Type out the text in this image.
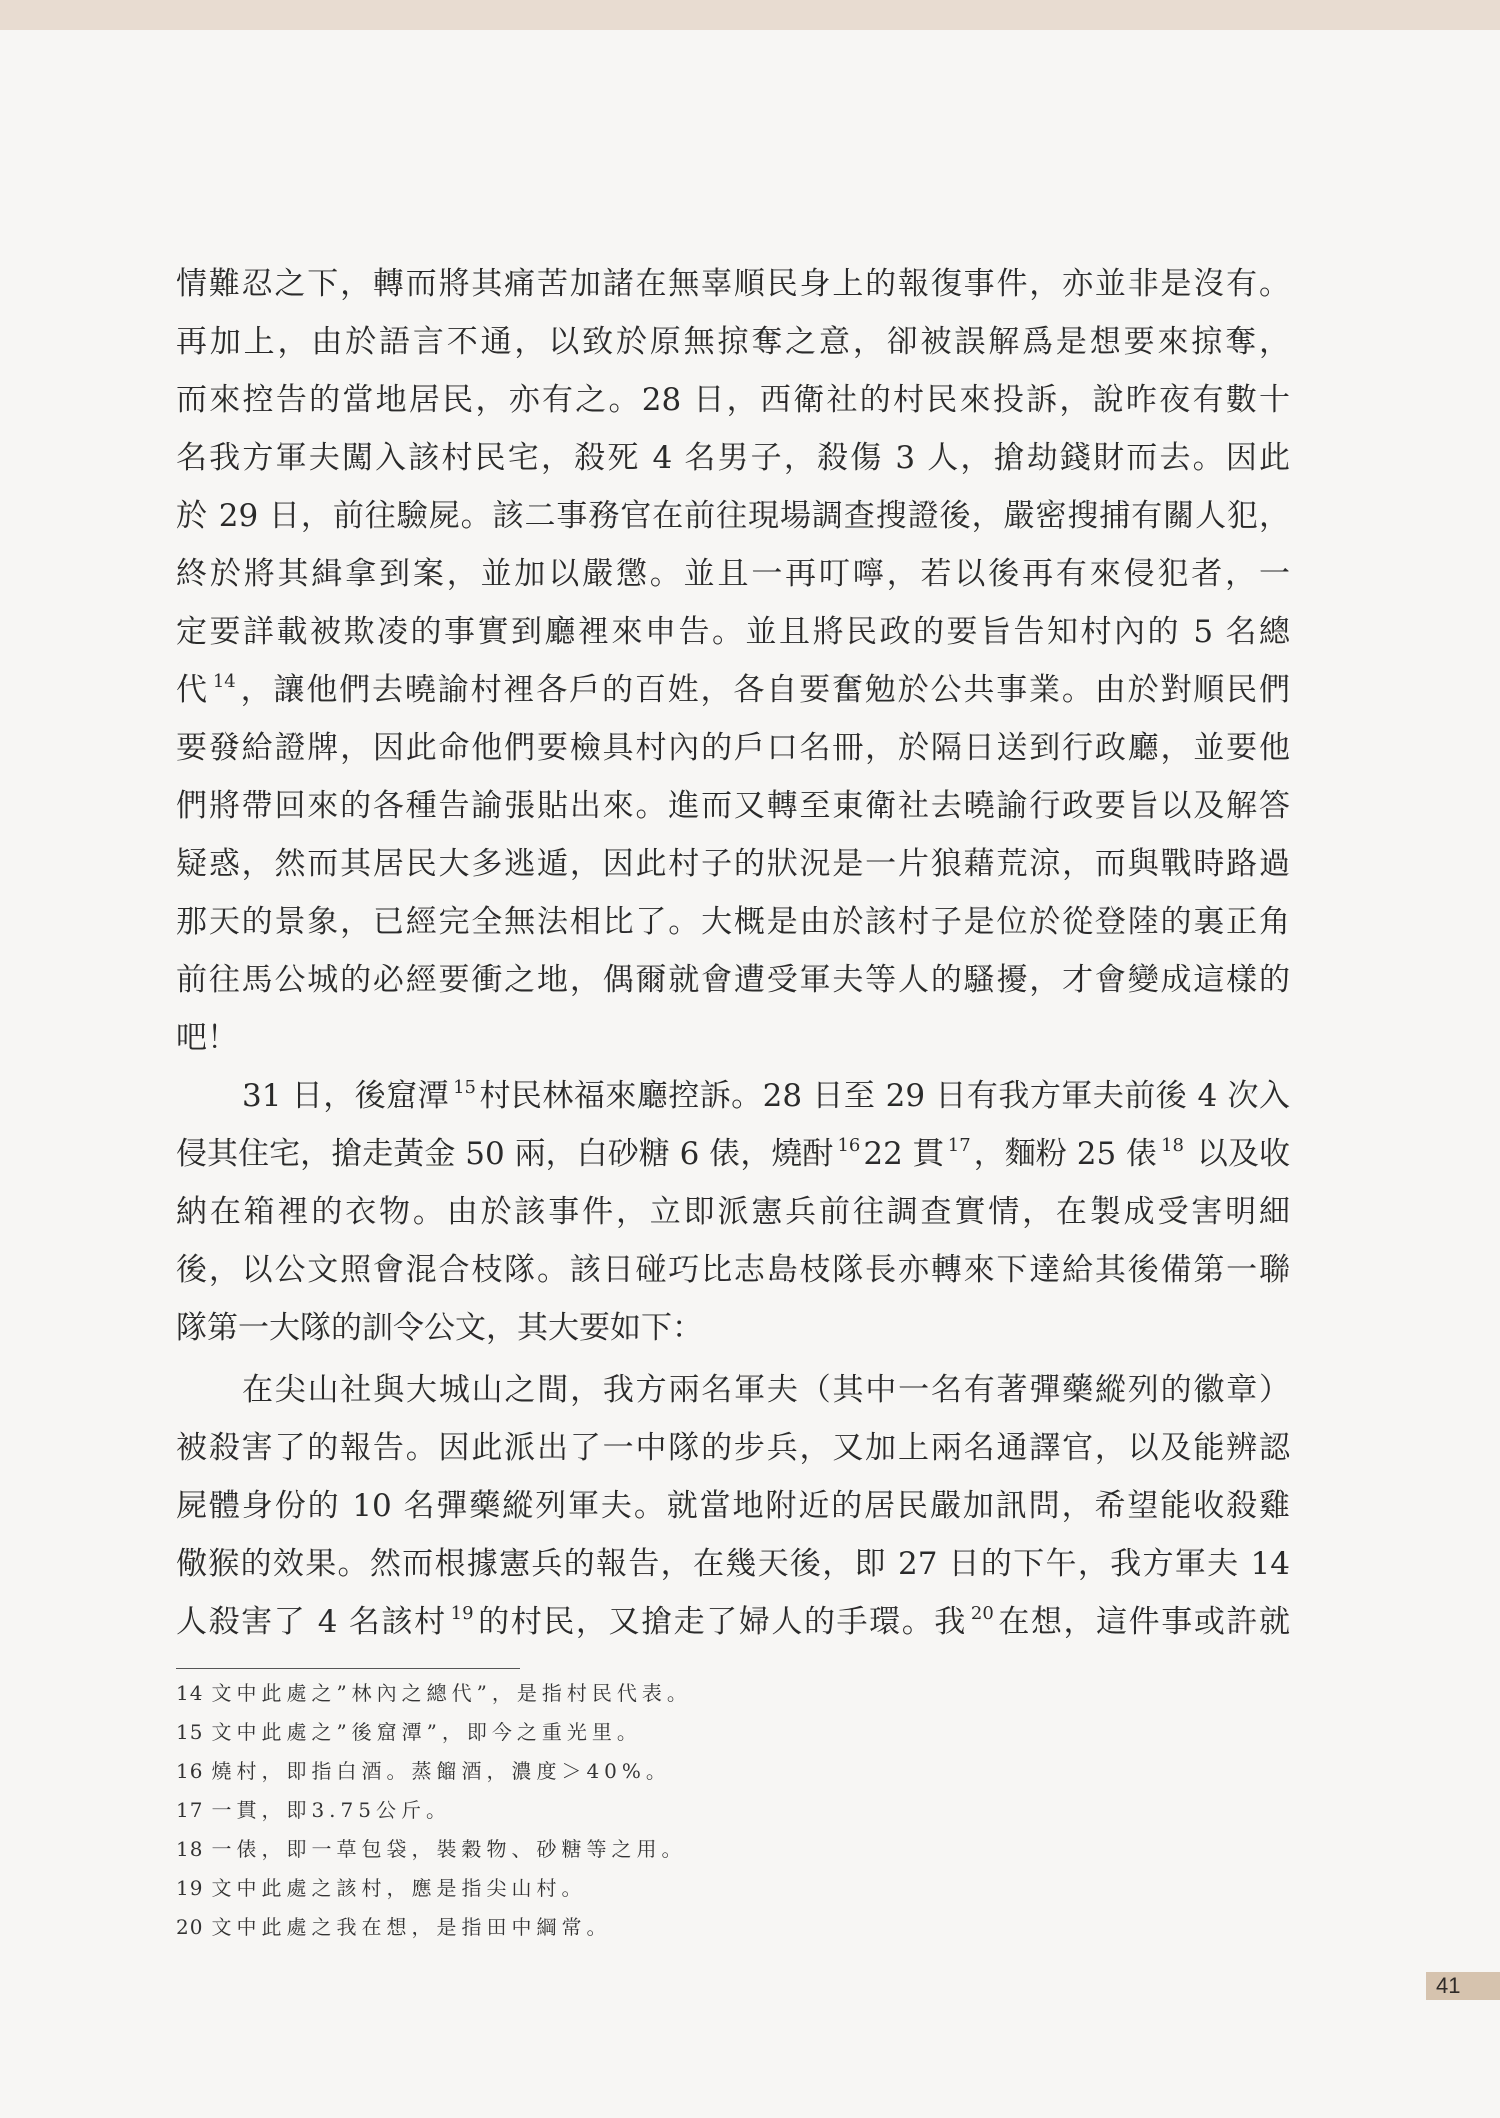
情難忍之下，轉而將其痛苦加諸在無辜順民身上的報復事件，亦並非是沒有。
再加上，由於語言不通，以致於原無掠奪之意，卻被誤解爲是想要來掠奪，
而來控告的當地居民，亦有之。28 日，西衛社的村民來投訴，說昨夜有數十
名我方軍夫闖入該村民宅，殺死 4 名男子，殺傷 3 人，搶劫錢財而去。因此
於 29 日，前往驗屍。該二事務官在前往現場調查搜證後，嚴密搜捕有關人犯，
終於將其緝拿到案，並加以嚴懲。並且一再叮嚀，若以後再有來侵犯者，一
定要詳載被欺凌的事實到廳裡來申告。並且將民政的要旨告知村內的 5 名總
代 $^{14}$，讓他們去曉諭村裡各戶的百姓，各自要奮勉於公共事業。由於對順民們
要發給證牌，因此命他們要檢具村內的戶口名冊，於隔日送到行政廳，並要他
們將帶回來的各種告諭張貼出來。進而又轉至東衛社去曉諭行政要旨以及解答
疑惑，然而其居民大多逃遁，因此村子的狀況是一片狼藉荒涼，而與戰時路過
那天的景象，已經完全無法相比了。大概是由於該村子是位於從登陸的裏正角
前往馬公城的必經要衝之地，偶爾就會遭受軍夫等人的騷擾，才會變成這樣的
吧！
31 日，後窟潭 $^{15}$村民林福來廳控訴。28 日至 29 日有我方軍夫前後 4 次入
侵其住宅，搶走黃金 50 兩，白砂糖 6 俵，燒酎 $^{16}$22 貫 $^{17}$，麵粉 25 俵 $^{18}$ 以及收
納在箱裡的衣物。由於該事件，立即派憲兵前往調查實情，在製成受害明細
後，以公文照會混合枝隊。該日碰巧比志島枝隊長亦轉來下達給其後備第一聯
隊第一大隊的訓令公文，其大要如下：
在尖山社與大城山之間，我方兩名軍夫（其中一名有著彈藥縱列的徽章）
被殺害了的報告。因此派出了一中隊的步兵，又加上兩名通譯官，以及能辨認
屍體身份的 10 名彈藥縱列軍夫。就當地附近的居民嚴加訊問，希望能收殺雞
儆猴的效果。然而根據憲兵的報告，在幾天後，即 27 日的下午，我方軍夫 14
人殺害了 4 名該村 $^{19}$的村民，又搶走了婦人的手環。我 $^{20}$在想，這件事或許就
14 文中此處之”林內之總代”，是指村民代表。
15 文中此處之”後窟潭”，即今之重光里。
16 燒村，即指白酒。蒸餾酒，濃度＞40%。
17 一貫，即3.75公斤。
18 一俵，即一草包袋，裝穀物、砂糖等之用。
19 文中此處之該村，應是指尖山村。
20 文中此處之我在想，是指田中綱常。
41
